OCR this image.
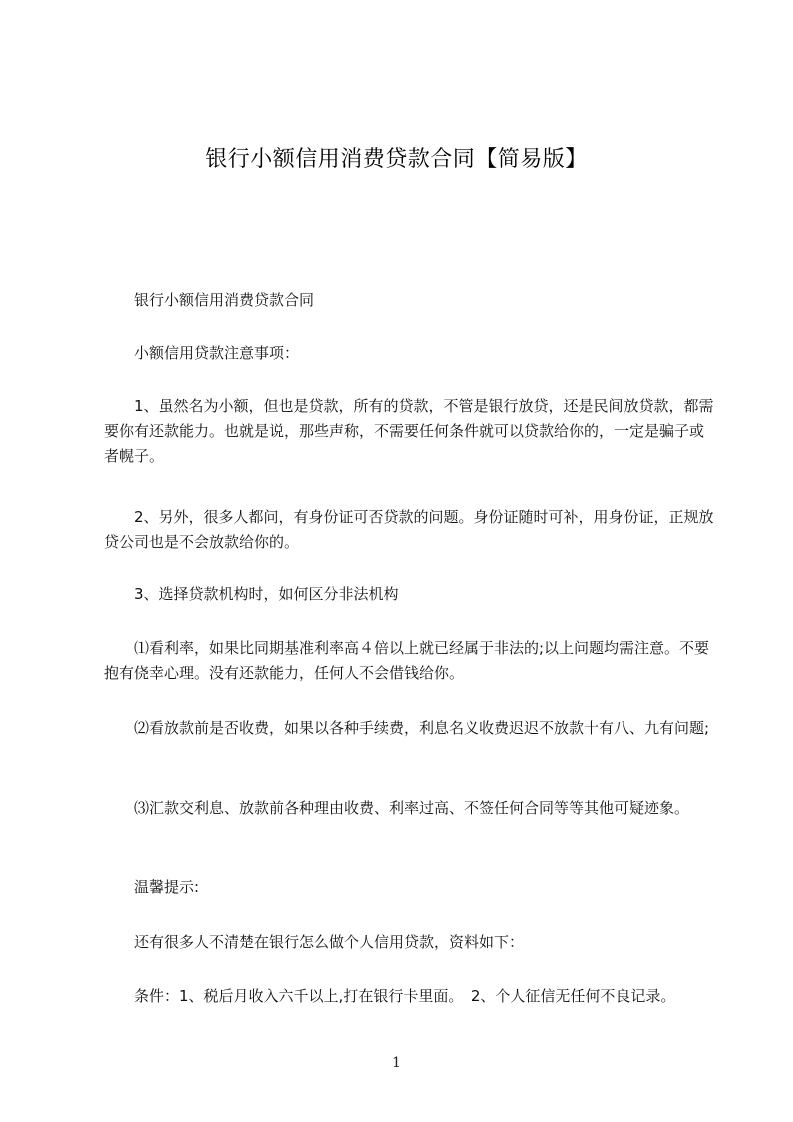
银行小额信用消费贷款合同【简易版】

　　银行小额信用消费贷款合同

　　小额信用贷款注意事项：

　　1、虽然名为小额，但也是贷款，所有的贷款，不管是银行放贷，还是民间放贷款，都需要你有还款能力。也就是说，那些声称，不需要任何条件就可以贷款给你的，一定是骗子或者幌子。

　　2、另外，很多人都问，有身份证可否贷款的问题。身份证随时可补，用身份证，正规放贷公司也是不会放款给你的。

　　3、选择贷款机构时，如何区分非法机构

　　⑴看利率，如果比同期基准利率高４倍以上就已经属于非法的;以上问题均需注意。不要抱有侥幸心理。没有还款能力，任何人不会借钱给你。

　　⑵看放款前是否收费，如果以各种手续费，利息名义收费迟迟不放款十有八、九有问题;

　　⑶汇款交利息、放款前各种理由收费、利率过高、不签任何合同等等其他可疑迹象。

　　温馨提示:

　　还有很多人不清楚在银行怎么做个人信用贷款，资料如下：

　　条件：1、税后月收入六千以上,打在银行卡里面。　2、个人征信无任何不良记录。

1
